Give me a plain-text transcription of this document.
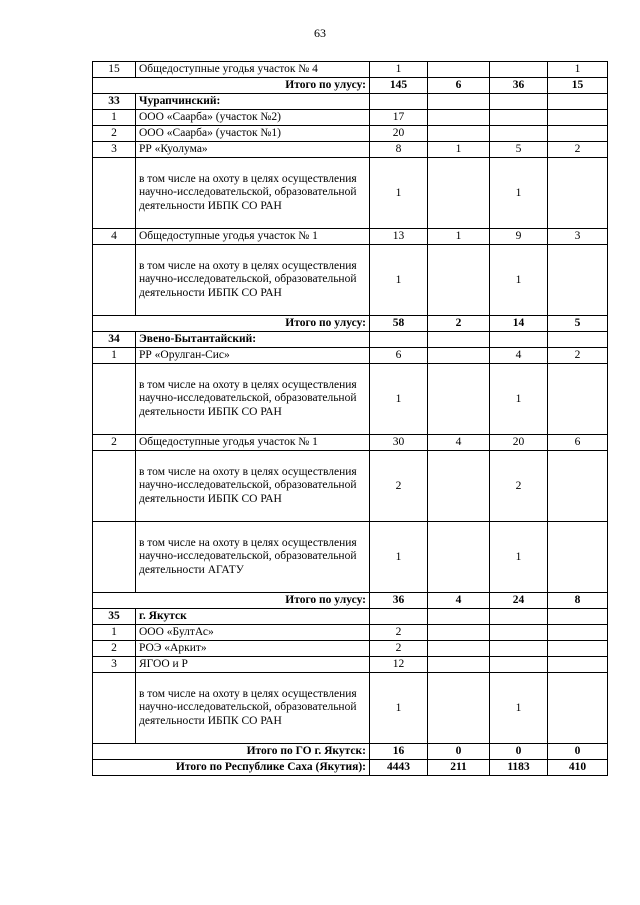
63
15	Общедоступные угодья участок № 4	1			1
Итого по улусу:		145	6	36	15
33	Чурапчинский:				
1	ООО «Саарба» (участок №2)	17			
2	ООО «Саарба» (участок №1)	20			
3	РР «Куолума»	8	1	5	2
	в том числе на охоту в целях осуществления научно-исследовательской, образовательной деятельности ИБПК СО РАН	1		1	
4	Общедоступные угодья участок № 1	13	1	9	3
	в том числе на охоту в целях осуществления научно-исследовательской, образовательной деятельности ИБПК СО РАН	1		1	
Итого по улусу:		58	2	14	5
34	Эвено-Бытантайский:				
1	РР «Орулган-Сис»	6		4	2
	в том числе на охоту в целях осуществления научно-исследовательской, образовательной деятельности ИБПК СО РАН	1		1	
2	Общедоступные угодья участок № 1	30	4	20	6
	в том числе на охоту в целях осуществления научно-исследовательской, образовательной деятельности ИБПК СО РАН	2		2	
	в том числе на охоту в целях осуществления научно-исследовательской, образовательной деятельности АГАТУ	1		1	
Итого по улусу:		36	4	24	8
35	г. Якутск				
1	ООО «БултАс»	2			
2	РОЭ «Аркит»	2			
3	ЯГОО и Р	12			
	в том числе на охоту в целях осуществления научно-исследовательской, образовательной деятельности ИБПК СО РАН	1		1	
Итого по ГО г. Якутск:		16	0	0	0
Итого по Республике Саха (Якутия):		4443	211	1183	410
